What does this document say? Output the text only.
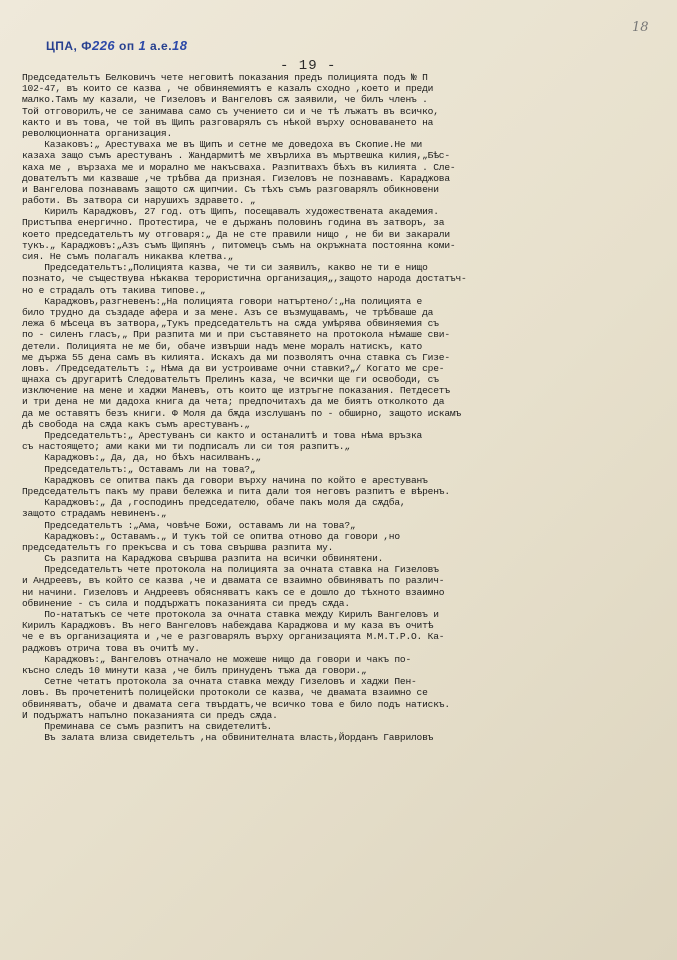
ЦПА, Ф226 оп 1 а.е.18
18
- 19 -
Председательтъ Белковичъ чете неговитѣ показания предъ полицията подъ № П
102-47, въ които се казва , че обвиняемиятъ е казалъ сходно ,което и преди
малко.Тамъ му казали, че Гизеловъ и Вангеловъ сѫ заявили, че билъ членъ .
Той отговорилъ,че се занимава само съ учението си и че тѣ лъжатъ въ всичко,
както и въ това, че той въ Щипъ разговарялъ съ нѣкой върху основаването на
революционната организация.
Казаковъ:„ Арестуваха ме въ Щипъ и сетне ме доведоха въ Скопие.Не ми
казаха защо съмъ арестуванъ . Жандармитѣ ме хвърлиха въ мъртвешка килия,„Бѣс-
каха ме , вързаха ме и морално ме накъсваха. Разпитвахъ бѣхъ въ килията . Сле-
дователътъ ми казваше ,че трѣбва да призная. Гизеловъ не познавамъ. Караджова
и Вангелова познавамъ защото сѫ щипчии. Съ тѣхъ съмъ разговарялъ обикновени
работи. Въ затвора си нарушихъ здравето. „
Кирилъ Караджовъ, 27 год. отъ Щипъ, посещавалъ художествената академия.
Пристъпва енергично. Протестира, че е държанъ половинъ година въ затворъ, за
което председательтъ му отговаря:„ Да не сте правили нищо , не би ви закарали
тукъ.„ Караджовъ:„Азъ съмъ Щипянъ , питомецъ съмъ на окръжната постоянна коми-
сия. Не съмъ полагалъ никаква клетва.„
Председательтъ:„Полицията казва, че ти си заявилъ, какво не ти е нищо
познато, че съществува нѣкаква терористична организация„,защото народа достатъч-
но е страдалъ отъ такива типове.„
Караджовъ,разгневенъ:„На полицията говори натъртено/:„На полицията е
било трудно да създаде афера и за мене. Азъ се възмущавамъ, че трѣбваше да
лежа 6 мѣсеца въ затвора,„Тукъ председательтъ на сѫда умѣрява обвиняемия съ
по - силенъ гласъ,„ При разпита ми и при съставянето на протокола нѣмаше сви-
детели. Полицията не ме би, обаче извърши надъ мене моралъ натискъ, като
ме държа 55 дена самъ въ килията. Искахъ да ми позволятъ очна ставка съ Гизе-
ловъ. /Председательтъ :„ Нѣма да ви устроиваме очни ставки?„/ Когато ме сре-
щнаха съ другаритѣ Следовательтъ Прелинъ каза, че всички ще ги освободи, съ
изключение на мене и хаджи Маневъ, отъ които ще изтръгне показания. Петдесетъ
и три дена не ми дадоха книга да чета; предпочитахъ да ме биятъ отколкото да
да ме оставятъ безъ книги. Ф Моля да бѫда изслушанъ по - обширно, защото искамъ
дѣ свобода на сѫда какъ съмъ арестуванъ.„
Председательтъ:„ Арестуванъ си както и останалитѣ и това нѣма връзка
съ настоящето; ами каки ми ти подписалъ ли си тоя разпитъ.„
Караджовъ:„ Да, да, но бѣхъ насилванъ.„
Председательтъ:„ Оставамъ ли на това?„
Караджовъ се опитва пакъ да говори върху начина по който е арестуванъ
Председательтъ пакъ му прави бележка и пита дали тоя неговъ разпитъ е вѣренъ.
Караджовъ:„ Да ,господинъ председателю, обаче пакъ моля да сѫдба,
защото страдамъ невиненъ.„
Председательтъ :„Ама, човѣче Божи, оставамъ ли на това?„
Караджовъ:„ Оставамъ.„ И тукъ той се опитва отново да говори ,но
председательтъ го прекъсва и съ това свършва разпита му.
Съ разпита на Караджова свършва разпита на всички обвинятени.
Председательтъ чете протокола на полицията за очната ставка на Гизеловъ
и Андреевъ, въ който се казва ,че и двамата се взаимно обвиняватъ по различ-
ни начини. Гизеловъ и Андреевъ обясняватъ какъ се е дошло до тѣхното взаимно
обвинение - съ сила и поддържатъ показанията си предъ сѫда.
По-нататъкъ се чете протокола за очната ставка между Кирилъ Вангеловъ и
Кирилъ Караджовъ. Въ него Вангеловъ набеждава Караджова и му каза въ очитѣ
че е въ организацията и ,че е разговарялъ върху организацията М.М.Т.Р.О. Ка-
раджовъ отрича това въ очитѣ му.
Караджовъ:„ Вангеловъ отначало не можеше нищо да говори и чакъ по-
късно следъ 10 минути каза ,че билъ принуденъ тъжа да говори.„
Сетне четатъ протокола за очната ставка между Гизеловъ и хаджи Пен-
ловъ. Въ прочетенитѣ полицейски протоколи се казва, че двамата взаимно се
обвиняватъ, обаче и двамата сега твърдатъ,че всичко това е било подъ натискъ.
И подържатъ напълно показанията си предъ сѫда.
Преминава се съмъ разпитъ на свидетелитѣ.
Въ залата влиза свидетельтъ ,на обвинителната власть,Йорданъ Гавриловъ
